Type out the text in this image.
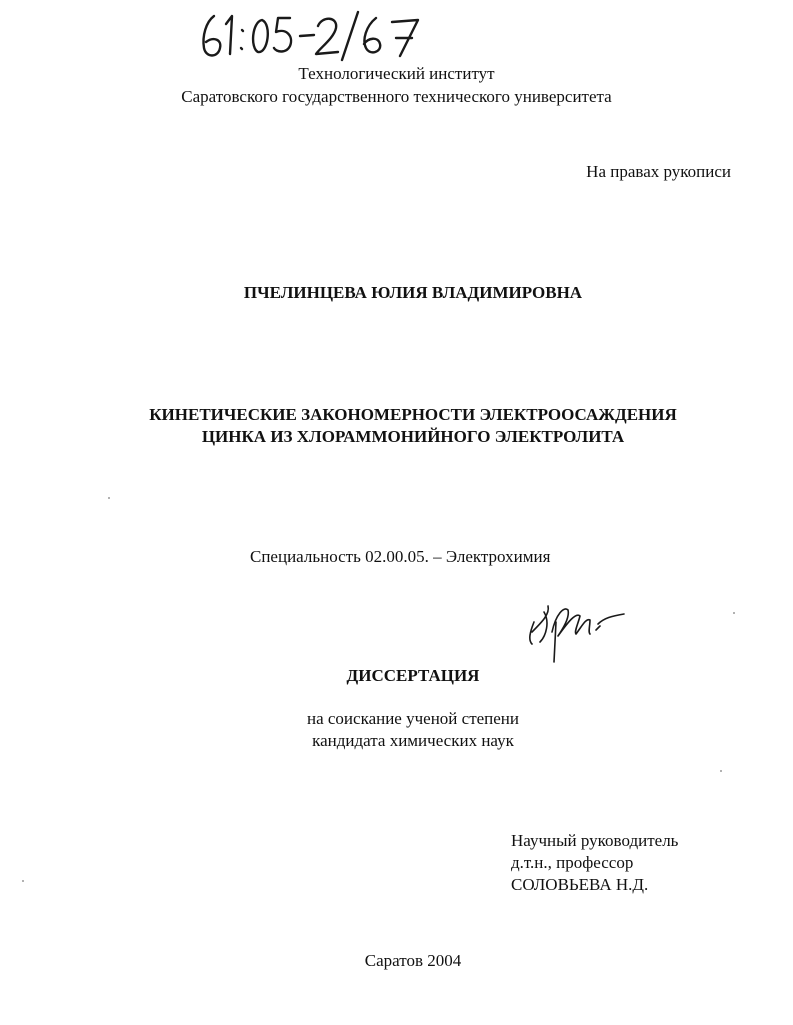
Технологический институт
Саратовского государственного технического университета
На правах рукописи
ПЧЕЛИНЦЕВА ЮЛИЯ ВЛАДИМИРОВНА
КИНЕТИЧЕСКИЕ ЗАКОНОМЕРНОСТИ ЭЛЕКТРООСАЖДЕНИЯ
ЦИНКА ИЗ ХЛОРАММОНИЙНОГО ЭЛЕКТРОЛИТА
Специальность 02.00.05. – Электрохимия
ДИССЕРТАЦИЯ
на соискание ученой степени
кандидата химических наук
Научный руководитель
д.т.н., профессор
СОЛОВЬЕВА Н.Д.
Саратов 2004
